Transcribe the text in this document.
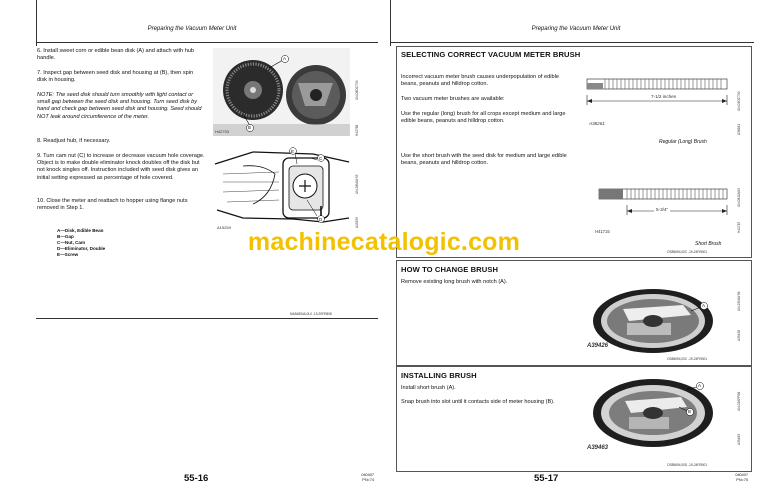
Preparing the Vacuum Meter Unit
6. Install sweet corn or edible bean disk (A) and attach with hub handle.
7. Inspect gap between seed disk and housing at (B), then spin disk in housing.
NOTE: The seed disk should turn smoothly with light contact or small gap between the seed disk and housing. Turn seed disk by hand and check gap between seed disk and housing. Seed should NOT leak around circumference of the meter.
8. Readjust hub, if necessary.
9. Turn cam nut (C) to increase or decrease vacuum hole coverage. Object is to make double eliminator knock doubles off the disk but not knock singles off. Instruction included with seed disk gives an initial setting expressed as percentage of hole covered.
10. Close the meter and reattach to hopper using flange nuts removed in Step 1.
A—Disk, Edible Bean
B—Gap
C—Nut, Cam
D—Eliminator, Double
E—Screw
A
B
H42703
UN-08OCT99
H42768
E
C
D
A15259
UN-28MAY93
A15259
MA54894A,0L0 -19-29FEB08
55-16	040407
PN=74
Preparing the Vacuum Meter Unit
SELECTING CORRECT VACUUM METER BRUSH
Incorrect vacuum meter brush causes underpopulation of edible beans, peanuts and hilldrop cotton.
Two vacuum meter brushes are available:
Use the regular (long) brush for all crops except medium and large edible beans, peanuts and hilldrop cotton.
Use the short brush with the seed disk for medium and large edible beans, peanuts and hilldrop cotton.
7-1/2 inches
A38261
Regular (Long) Brush
UN-09OCT90
A38261
5-3/4"
H41715
Short Brush
UN-08JUN93
H41715
OS85694,00C -19-24FEB01
HOW TO CHANGE BRUSH
Remove existing long brush with notch (A).
A
A39426
UN-29MAY96
A39426
OS85694,00C -19-24FEB01
INSTALLING BRUSH
Install short brush (A).
Snap brush into slot until it contacts side of meter housing (B).
A
B
A39463
UN-03APR96
A39463
OS85694,00D -19-24FEB01
55-17	040407
PN=75
machinecatalogic.com
